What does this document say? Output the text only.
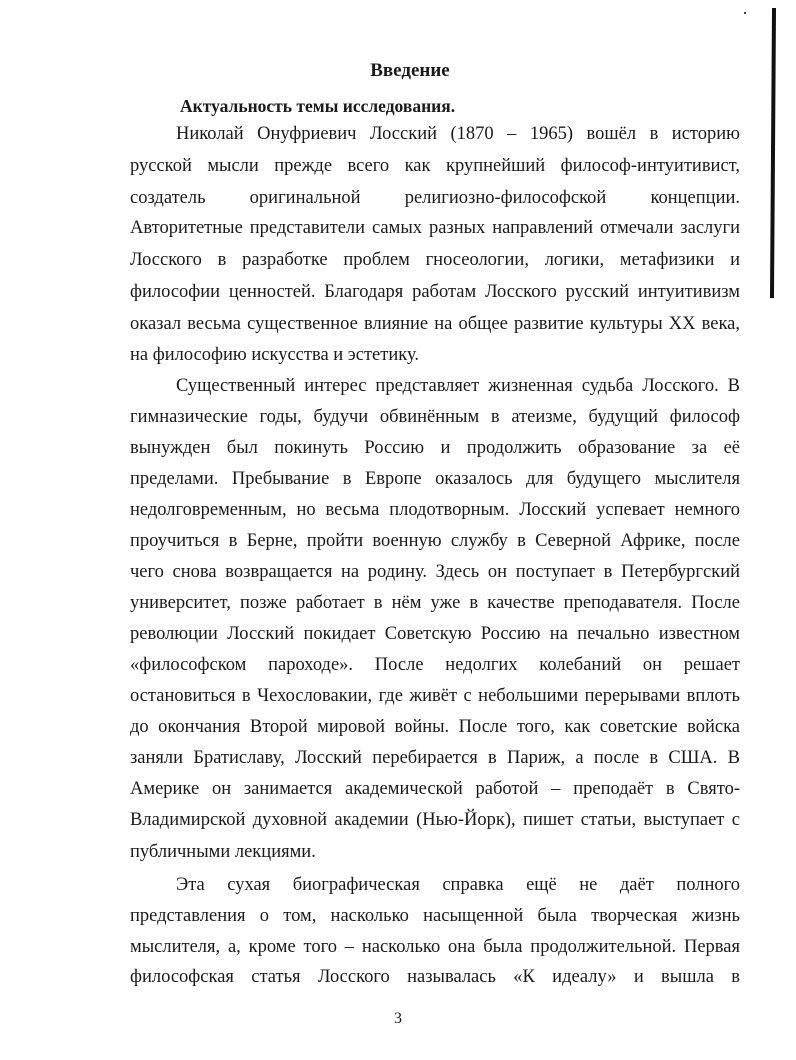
Введение
Актуальность темы исследования.
Николай Онуфриевич Лосский (1870 – 1965) вошёл в историю
русской мысли прежде всего как крупнейший философ-интуитивист,
создатель оригинальной религиозно-философской концепции.
Авторитетные представители самых разных направлений отмечали заслуги
Лосского в разработке проблем гносеологии, логики, метафизики и
философии ценностей. Благодаря работам Лосского русский интуитивизм
оказал весьма существенное влияние на общее развитие культуры XX века,
на философию искусства и эстетику.
Существенный интерес представляет жизненная судьба Лосского. В
гимназические годы, будучи обвинённым в атеизме, будущий философ
вынужден был покинуть Россию и продолжить образование за её
пределами. Пребывание в Европе оказалось для будущего мыслителя
недолговременным, но весьма плодотворным. Лосский успевает немного
проучиться в Берне, пройти военную службу в Северной Африке, после
чего снова возвращается на родину. Здесь он поступает в Петербургский
университет, позже работает в нём уже в качестве преподавателя. После
революции Лосский покидает Советскую Россию на печально известном
«философском пароходе». После недолгих колебаний он решает
остановиться в Чехословакии, где живёт с небольшими перерывами вплоть
до окончания Второй мировой войны. После того, как советские войска
заняли Братиславу, Лосский перебирается в Париж, а после в США. В
Америке он занимается академической работой – преподаёт в Свято-
Владимирской духовной академии (Нью-Йорк), пишет статьи, выступает с
публичными лекциями.
Эта сухая биографическая справка ещё не даёт полного
представления о том, насколько насыщенной была творческая жизнь
мыслителя, а, кроме того – насколько она была продолжительной. Первая
философская статья Лосского называлась «К идеалу» и вышла в
3
